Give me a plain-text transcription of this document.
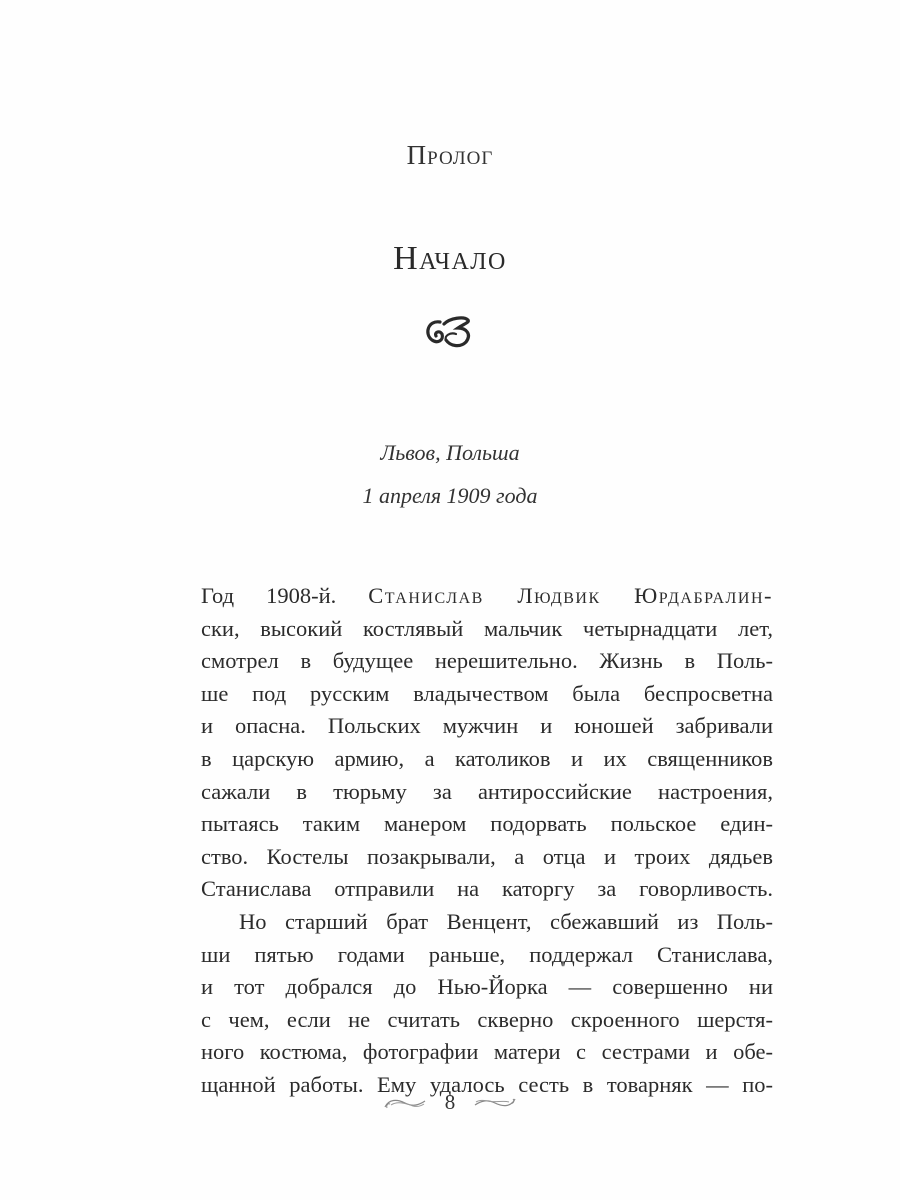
Пролог
Начало
Львов, Польша
1 апреля 1909 года
Год 1908-й. Станислав Людвик Юрдабралин-
ски, высокий костлявый мальчик четырнадцати лет,
смотрел в будущее нерешительно. Жизнь в Поль-
ше под русским владычеством была беспросветна
и опасна. Польских мужчин и юношей забривали
в царскую армию, а католиков и их священников
сажали в тюрьму за антироссийские настроения,
пытаясь таким манером подорвать польское един-
ство. Костелы позакрывали, а отца и троих дядьев
Станислава отправили на каторгу за говорливость.
Но старший брат Венцент, сбежавший из Поль-
ши пятью годами раньше, поддержал Станислава,
и тот добрался до Нью-Йорка — совершенно ни
с чем, если не считать скверно скроенного шерстя-
ного костюма, фотографии матери с сестрами и обе-
щанной работы. Ему удалось сесть в товарняк — по-
8
